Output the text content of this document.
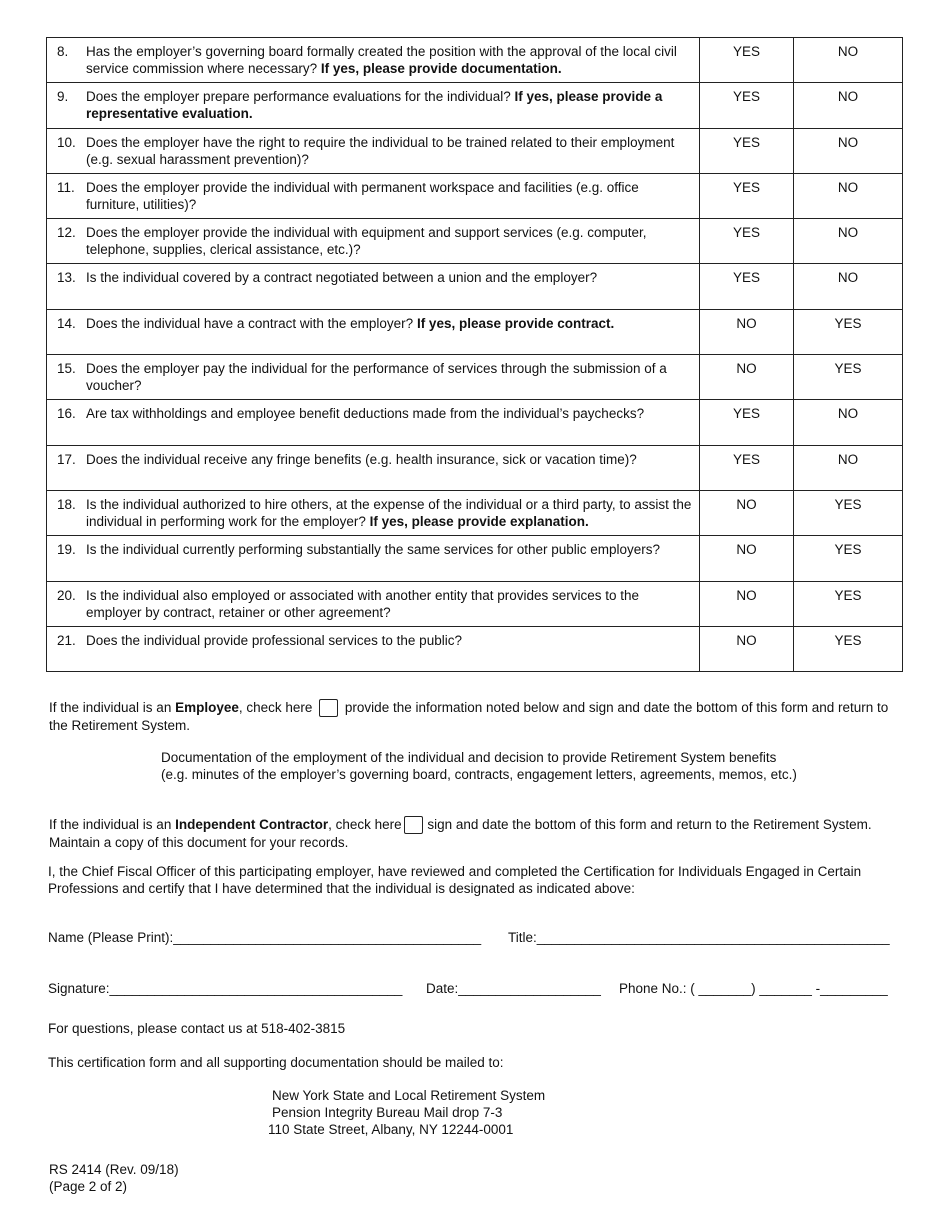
8. Has the employer’s governing board formally created the position with the approval of the local civil service commission where necessary? If yes, please provide documentation.	YES	NO

9. Does the employer prepare performance evaluations for the individual? If yes, please provide a representative evaluation.	YES	NO

10. Does the employer have the right to require the individual to be trained related to their employment (e.g. sexual harassment prevention)?	YES	NO

11. Does the employer provide the individual with permanent workspace and facilities (e.g. office furniture, utilities)?	YES	NO

12. Does the employer provide the individual with equipment and support services (e.g. computer, telephone, supplies, clerical assistance, etc.)?	YES	NO

13. Is the individual covered by a contract negotiated between a union and the employer?	YES	NO

14. Does the individual have a contract with the employer? If yes, please provide contract.	NO	YES

15. Does the employer pay the individual for the performance of services through the submission of a voucher?	NO	YES

16. Are tax withholdings and employee benefit deductions made from the individual’s paychecks?	YES	NO

17. Does the individual receive any fringe benefits (e.g. health insurance, sick or vacation time)?	YES	NO

18. Is the individual authorized to hire others, at the expense of the individual or a third party, to assist the individual in performing work for the employer? If yes, please provide explanation.	NO	YES

19. Is the individual currently performing substantially the same services for other public employers?	NO	YES

20. Is the individual also employed or associated with another entity that provides services to the employer by contract, retainer or other agreement?	NO	YES

21. Does the individual provide professional services to the public?	NO	YES
If the individual is an Employee, check here  provide the information noted below and sign and date the bottom of this form and return to the Retirement System.
Documentation of the employment of the individual and decision to provide Retirement System benefits (e.g. minutes of the employer’s governing board, contracts, engagement letters, agreements, memos, etc.)
If the individual is an Independent Contractor, check here sign and date the bottom of this form and return to the Retirement System. Maintain a copy of this document for your records.
I, the Chief Fiscal Officer of this participating employer, have reviewed and completed the Certification for Individuals Engaged in Certain Professions and certify that I have determined that the individual is designated as indicated above:
Name (Please Print):_________________________________________ Title:_______________________________________________
Signature:_______________________________________ Date:___________________ Phone No.: ( _______) _______ -_________
For questions, please contact us at 518-402-3815
This certification form and all supporting documentation should be mailed to:
New York State and Local Retirement System
Pension Integrity Bureau Mail drop 7-3
110 State Street, Albany, NY 12244-0001
RS 2414 (Rev. 09/18)
(Page 2 of 2)
